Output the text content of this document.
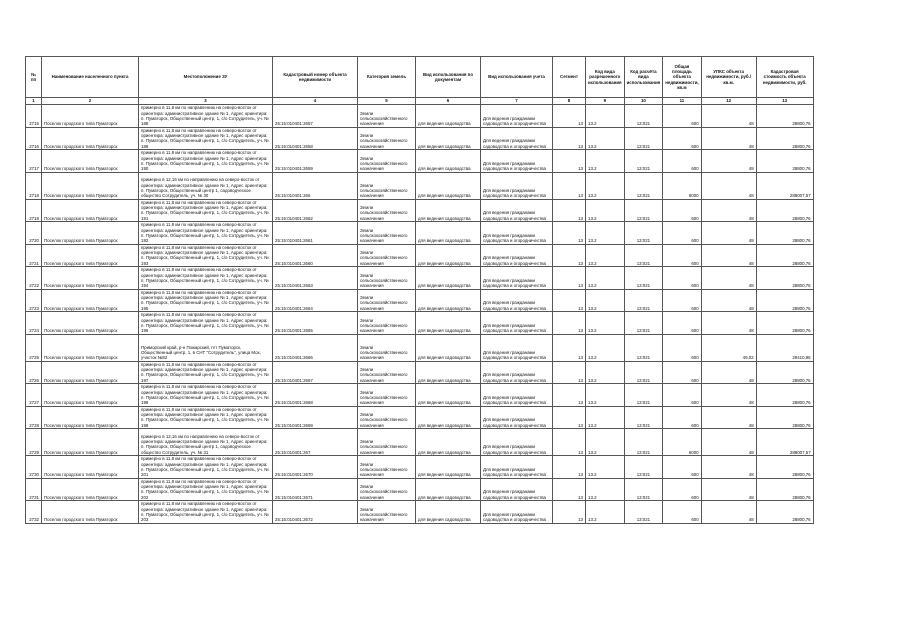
№ пп	Наименование населенного пункта	Местоположение ЗУ	Кадастровый номер объекта недвижимости	Категория земель	Вид использования по документам	Вид использования учета	Сегмент	Код вида разрешенного использования	Код расчёта вида использования	Общая площадь объекта недвижимости, кв.м	УПКС объекта недвижимости, руб./кв.м.	Кадастровая стоимость объекта недвижимости, руб.
1	2	3	4	5	6	7	8	9	10	11	12	13
2715	Поселок городского типа Пуматорск	примерно в 11,8 км по направлению на северо-восток от ориентира: административное здание № 1, Адрес ориентира: п. Пуматорск, Общественный центр, 1, с/о Сотрудитель, уч. № 188	25:15:010401:2657	Земли сельскохозяйственного назначения	для ведения садоводства	Для ведения гражданами садоводства и огородничества	13	13.2	13:021	600	48	28800,76
2716	Поселок городского типа Пуматорск	примерно в 11,8 км по направлению на северо-восток от ориентира: административное здание № 1, Адрес ориентира: п. Пуматорск, Общественный центр, 1, с/о Сотрудитель, уч. № 189	25:15:010401:2658	Земли сельскохозяйственного назначения	для ведения садоводства	Для ведения гражданами садоводства и огородничества	13	13.2	13:021	600	48	28800,76
2717	Поселок городского типа Пуматорск	примерно в 11,8 км по направлению на северо-восток от ориентира: административное здание № 1, Адрес ориентира: п. Пуматорск, Общественный центр, 1, с/о Сотрудитель, уч. № 190	25:15:010401:2659	Земли сельскохозяйственного назначения	для ведения садоводства	Для ведения гражданами садоводства и огородничества	13	13.2	13:021	600	48	28800,76
2718	Поселок городского типа Пуматорск	примерно в 12,16 км по направлению на северо-восток от ориентира: административное здание № 1, Адрес ориентира: п. Пуматорск, Общественный центр 1, садоводческое общество Сотрудитель, уч. № 30	25:15:010401:266	Земли сельскохозяйственного назначения	для ведения садоводства	Для ведения гражданами садоводства и огородничества	13	13.2	13:021	6000	48	288007,57
2719	Поселок городского типа Пуматорск	примерно в 11,8 км по направлению на северо-восток от ориентира: административное здание № 1, Адрес ориентира: п. Пуматорск, Общественный центр, 1, с/о Сотрудитель, уч. № 191	25:15:010401:2662	Земли сельскохозяйственного назначения	для ведения садоводства	Для ведения гражданами садоводства и огородничества	13	13.2	13:021	600	48	28800,76
2720	Поселок городского типа Пуматорск	примерно в 11,8 км по направлению на северо-восток от ориентира: административное здание № 1, Адрес ориентира: п. Пуматорск, Общественный центр, 1, с/о Сотрудитель, уч. № 192	25:15:010401:2661	Земли сельскохозяйственного назначения	для ведения садоводства	Для ведения гражданами садоводства и огородничества	13	13.2	13:021	600	48	28800,76
2721	Поселок городского типа Пуматорск	примерно в 11,8 км по направлению на северо-восток от ориентира: административное здание № 1, Адрес ориентира: п. Пуматорск, Общественный центр, 1, с/о Сотрудитель, уч. № 193	25:15:010401:2660	Земли сельскохозяйственного назначения	для ведения садоводства	Для ведения гражданами садоводства и огородничества	13	13.2	13:021	600	48	28800,76
2722	Поселок городского типа Пуматорск	примерно в 11,8 км по направлению на северо-восток от ориентира: административное здание № 1, Адрес ориентира: п. Пуматорск, Общественный центр, 1, с/о Сотрудитель, уч. № 194	25:15:010401:2663	Земли сельскохозяйственного назначения	для ведения садоводства	Для ведения гражданами садоводства и огородничества	13	13.2	13:021	600	48	28800,76
2723	Поселок городского типа Пуматорск	примерно в 11,8 км по направлению на северо-восток от ориентира: административное здание № 1, Адрес ориентира: п. Пуматорск, Общественный центр, 1, с/о Сотрудитель, уч. № 195	25:15:010401:2664	Земли сельскохозяйственного назначения	для ведения садоводства	Для ведения гражданами садоводства и огородничества	13	13.2	13:021	600	48	28800,76
2724	Поселок городского типа Пуматорск	примерно в 11,8 км по направлению на северо-восток от ориентира: административное здание № 1, Адрес ориентира: п. Пуматорск, Общественный центр, 1, с/о Сотрудитель, уч. № 196	25:15:010401:2665	Земли сельскохозяйственного назначения	для ведения садоводства	Для ведения гражданами садоводства и огородничества	13	13.2	13:021	600	48	28800,76
2725	Поселок городского типа Пуматорск	Приморский край, р-н Пожарский, пгт Пуматорск, Общественный центр, 1, в СНТ "Сотрудитель", улица Мох, участок №82	25:15:010401:2666	Земли сельскохозяйственного назначения	для ведения садоводства	Для ведения гражданами садоводства и огородничества	13	13.2	13:021	600	49,02	29410,96
2726	Поселок городского типа Пуматорск	примерно в 11,8 км по направлению на северо-восток от ориентира: административное здание № 1, Адрес ориентира: п. Пуматорск, Общественный центр, 1, с/о Сотрудитель, уч. № 197	25:15:010401:2667	Земли сельскохозяйственного назначения	для ведения садоводства	Для ведения гражданами садоводства и огородничества	13	13.2	13:021	600	48	28800,76
2727	Поселок городского типа Пуматорск	примерно в 11,8 км по направлению на северо-восток от ориентира: административное здание № 1, Адрес ориентира: п. Пуматорск, Общественный центр, 1, с/о Сотрудитель, уч. № 198	25:15:010401:2668	Земли сельскохозяйственного назначения	для ведения садоводства	Для ведения гражданами садоводства и огородничества	13	13.2	13:021	600	48	28800,76
2728	Поселок городского типа Пуматорск	примерно в 11,8 км по направлению на северо-восток от ориентира: административное здание № 1, Адрес ориентира: п. Пуматорск, Общественный центр, 1, с/о Сотрудитель, уч. № 199	25:15:010401:2669	Земли сельскохозяйственного назначения	для ведения садоводства	Для ведения гражданами садоводства и огородничества	13	13.2	13:021	600	48	28800,76
2729	Поселок городского типа Пуматорск	примерно в 12,16 км по направлению на северо-восток от ориентира: административное здание № 1, Адрес ориентира: п. Пуматорск, Общественный центр 1, садоводческое общество Сотрудитель, уч. № 31	25:15:010401:267	Земли сельскохозяйственного назначения	для ведения садоводства	Для ведения гражданами садоводства и огородничества	13	13.2	13:021	6000	48	288007,57
2730	Поселок городского типа Пуматорск	примерно в 11,8 км по направлению на северо-восток от ориентира: административное здание № 1, Адрес ориентира: п. Пуматорск, Общественный центр, 1, с/о Сотрудитель, уч. № 201	25:15:010401:2670	Земли сельскохозяйственного назначения	для ведения садоводства	Для ведения гражданами садоводства и огородничества	13	13.2	13:021	600	48	28800,76
2731	Поселок городского типа Пуматорск	примерно в 11,8 км по направлению на северо-восток от ориентира: административное здание № 1, Адрес ориентира: п. Пуматорск, Общественный центр, 1, с/о Сотрудитель, уч. № 202	25:15:010401:2671	Земли сельскохозяйственного назначения	для ведения садоводства	Для ведения гражданами садоводства и огородничества	13	13.2	13:021	600	48	28800,76
2732	Поселок городского типа Пуматорск	примерно в 11,8 км по направлению на северо-восток от ориентира: административное здание № 1, Адрес ориентира: п. Пуматорск, Общественный центр, 1, с/о Сотрудитель, уч. № 203	25:15:010401:2672	Земли сельскохозяйственного назначения	для ведения садоводства	Для ведения гражданами садоводства и огородничества	13	13.2	13:021	600	48	28800,76
